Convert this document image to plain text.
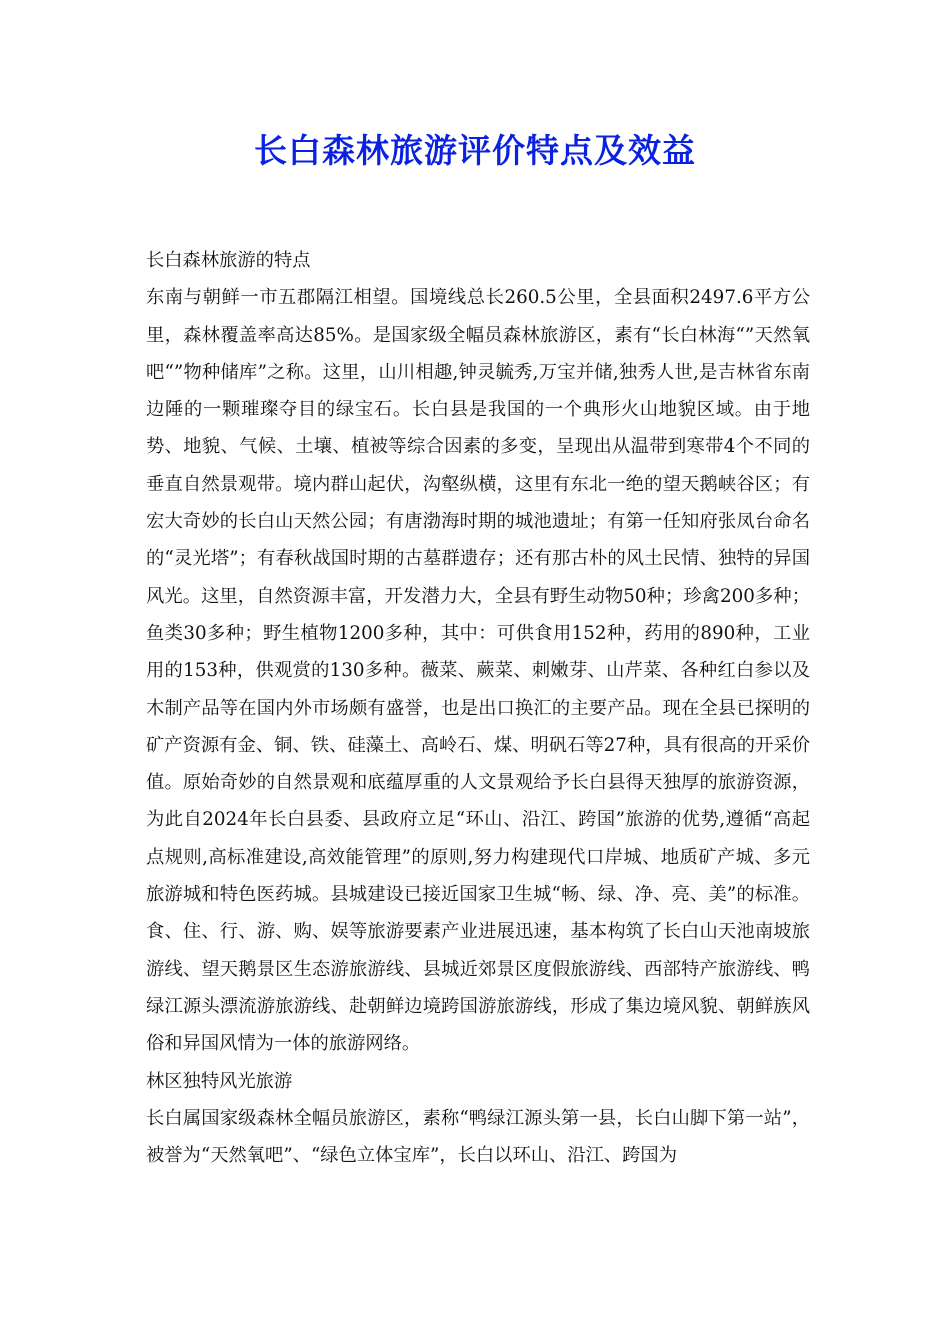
长白森林旅游评价特点及效益

长白森林旅游的特点

东南与朝鲜一市五郡隔江相望。国境线总长260.5公里，全县面积2497.6平方公里，森林覆盖率高达85%。是国家级全幅员森林旅游区，素有“长白林海“”天然氧吧“”物种储库”之称。这里，山川相趣,钟灵毓秀,万宝并储,独秀人世,是吉林省东南边陲的一颗璀璨夺目的绿宝石。长白县是我国的一个典形火山地貌区域。由于地势、地貌、气候、土壤、植被等综合因素的多变，呈现出从温带到寒带4个不同的垂直自然景观带。境内群山起伏，沟壑纵横，这里有东北一绝的望天鹅峡谷区；有宏大奇妙的长白山天然公园；有唐渤海时期的城池遗址；有第一任知府张凤台命名的“灵光塔”；有春秋战国时期的古墓群遗存；还有那古朴的风土民情、独特的异国风光。这里，自然资源丰富，开发潜力大，全县有野生动物50种；珍禽200多种；鱼类30多种；野生植物1200多种，其中：可供食用152种，药用的890种，工业用的153种，供观赏的130多种。薇菜、蕨菜、刺嫩芽、山芹菜、各种红白参以及木制产品等在国内外市场颇有盛誉，也是出口换汇的主要产品。现在全县已探明的矿产资源有金、铜、铁、硅藻土、高岭石、煤、明矾石等27种，具有很高的开采价值。原始奇妙的自然景观和底蕴厚重的人文景观给予长白县得天独厚的旅游资源，为此自2024年长白县委、县政府立足“环山、沿江、跨国”旅游的优势,遵循“高起点规则,高标准建设,高效能管理”的原则,努力构建现代口岸城、地质矿产城、多元旅游城和特色医药城。县城建设已接近国家卫生城“畅、绿、净、亮、美”的标准。食、住、行、游、购、娱等旅游要素产业进展迅速，基本构筑了长白山天池南坡旅游线、望天鹅景区生态游旅游线、县城近郊景区度假旅游线、西部特产旅游线、鸭绿江源头漂流游旅游线、赴朝鲜边境跨国游旅游线，形成了集边境风貌、朝鲜族风俗和异国风情为一体的旅游网络。

林区独特风光旅游

长白属国家级森林全幅员旅游区，素称“鸭绿江源头第一县，长白山脚下第一站”，被誉为“天然氧吧”、“绿色立体宝库”，长白以环山、沿江、跨国为
